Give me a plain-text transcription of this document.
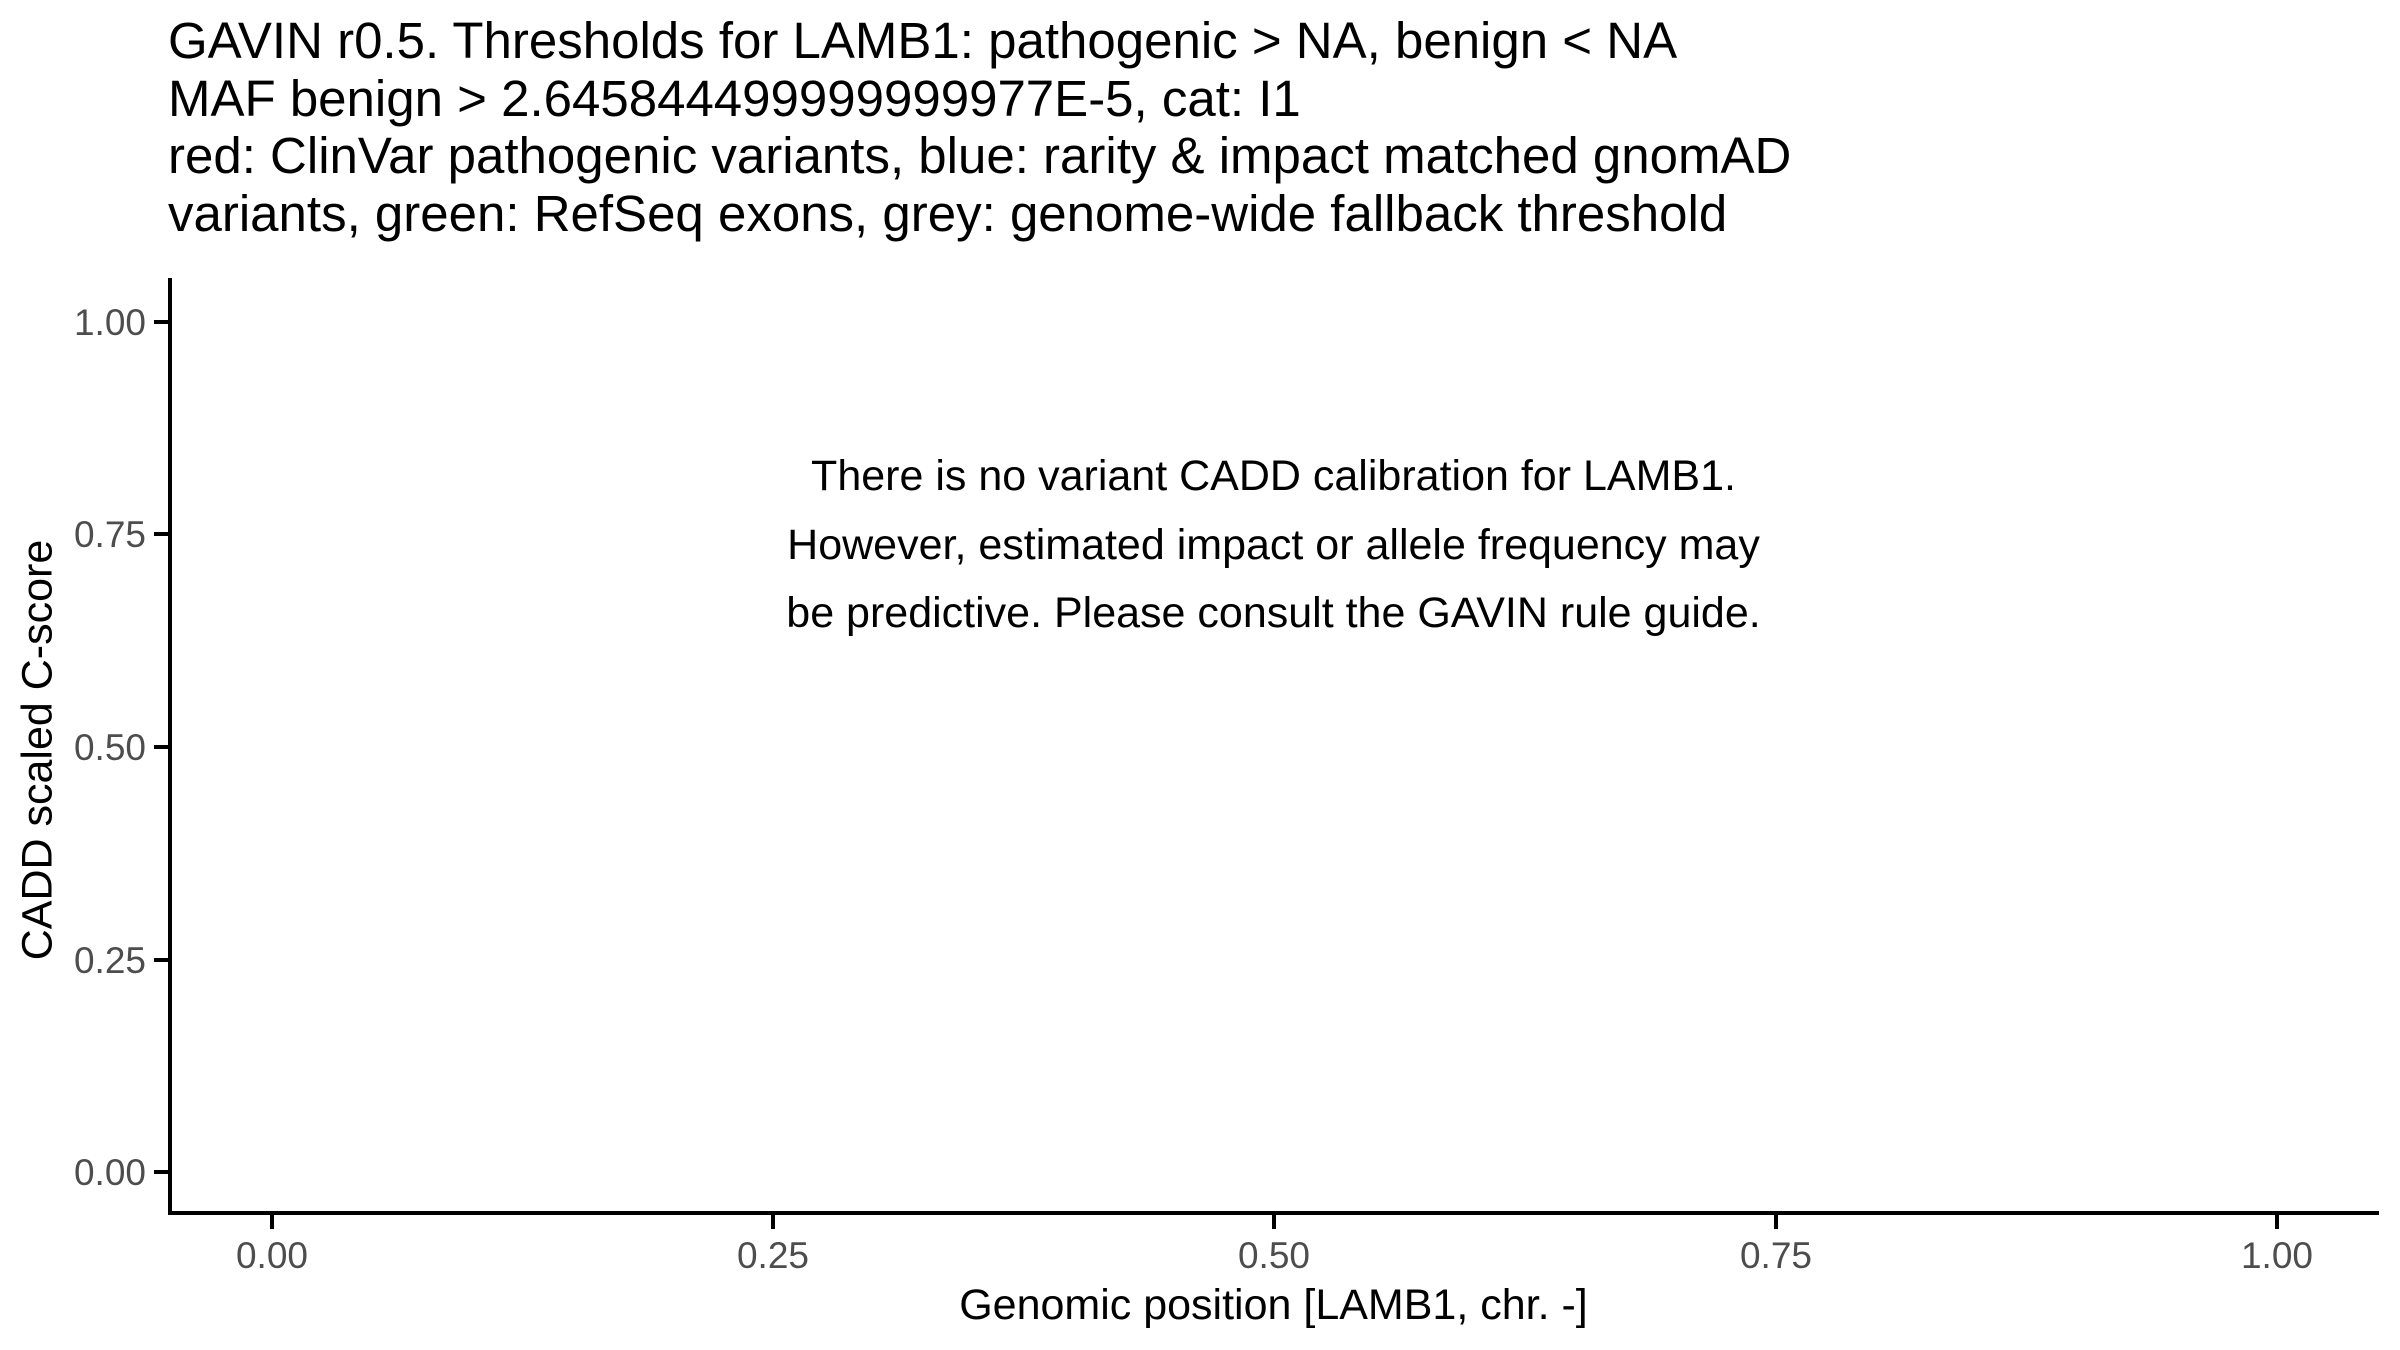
GAVIN r0.5. Thresholds for LAMB1: pathogenic > NA, benign < NA
MAF benign > 2.645844499999999977E-5, cat: I1
red: ClinVar pathogenic variants, blue: rarity & impact matched gnomAD
variants, green: RefSeq exons, grey: genome-wide fallback threshold
1.00
0.75
0.50
0.25
0.00
0.00	0.25	0.50	0.75	1.00
Genomic position [LAMB1, chr. -]
CADD scaled C-score
There is no variant CADD calibration for LAMB1.
However, estimated impact or allele frequency may
be predictive. Please consult the GAVIN rule guide.
